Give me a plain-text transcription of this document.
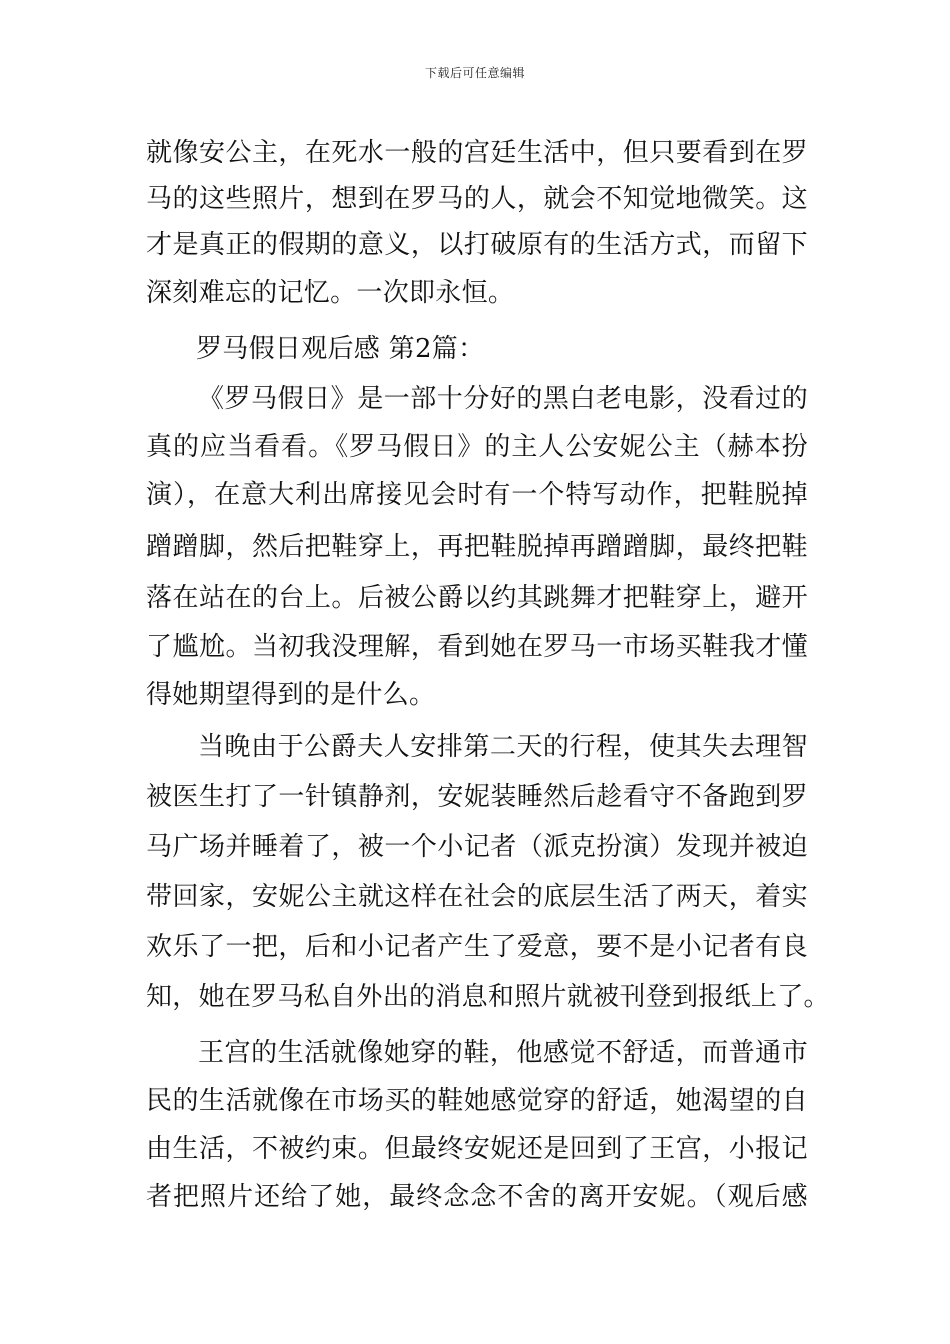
下载后可任意编辑
就像安公主，在死水一般的宫廷生活中，但只要看到在罗
马的这些照片，想到在罗马的人，就会不知觉地微笑。这
才是真正的假期的意义，以打破原有的生活方式，而留下
深刻难忘的记忆。一次即永恒。
罗马假日观后感 第2篇：
《罗马假日》是一部十分好的黑白老电影，没看过的
真的应当看看。《罗马假日》的主人公安妮公主（赫本扮
演），在意大利出席接见会时有一个特写动作，把鞋脱掉
蹭蹭脚，然后把鞋穿上，再把鞋脱掉再蹭蹭脚，最终把鞋
落在站在的台上。后被公爵以约其跳舞才把鞋穿上，避开
了尴尬。当初我没理解，看到她在罗马一市场买鞋我才懂
得她期望得到的是什么。
当晚由于公爵夫人安排第二天的行程，使其失去理智
被医生打了一针镇静剂，安妮装睡然后趁看守不备跑到罗
马广场并睡着了，被一个小记者（派克扮演）发现并被迫
带回家，安妮公主就这样在社会的底层生活了两天，着实
欢乐了一把，后和小记者产生了爱意，要不是小记者有良
知，她在罗马私自外出的消息和照片就被刊登到报纸上了。
王宫的生活就像她穿的鞋，他感觉不舒适，而普通市
民的生活就像在市场买的鞋她感觉穿的舒适，她渴望的自
由生活，不被约束。但最终安妮还是回到了王宫，小报记
者把照片还给了她，最终念念不舍的离开安妮。（观后感
